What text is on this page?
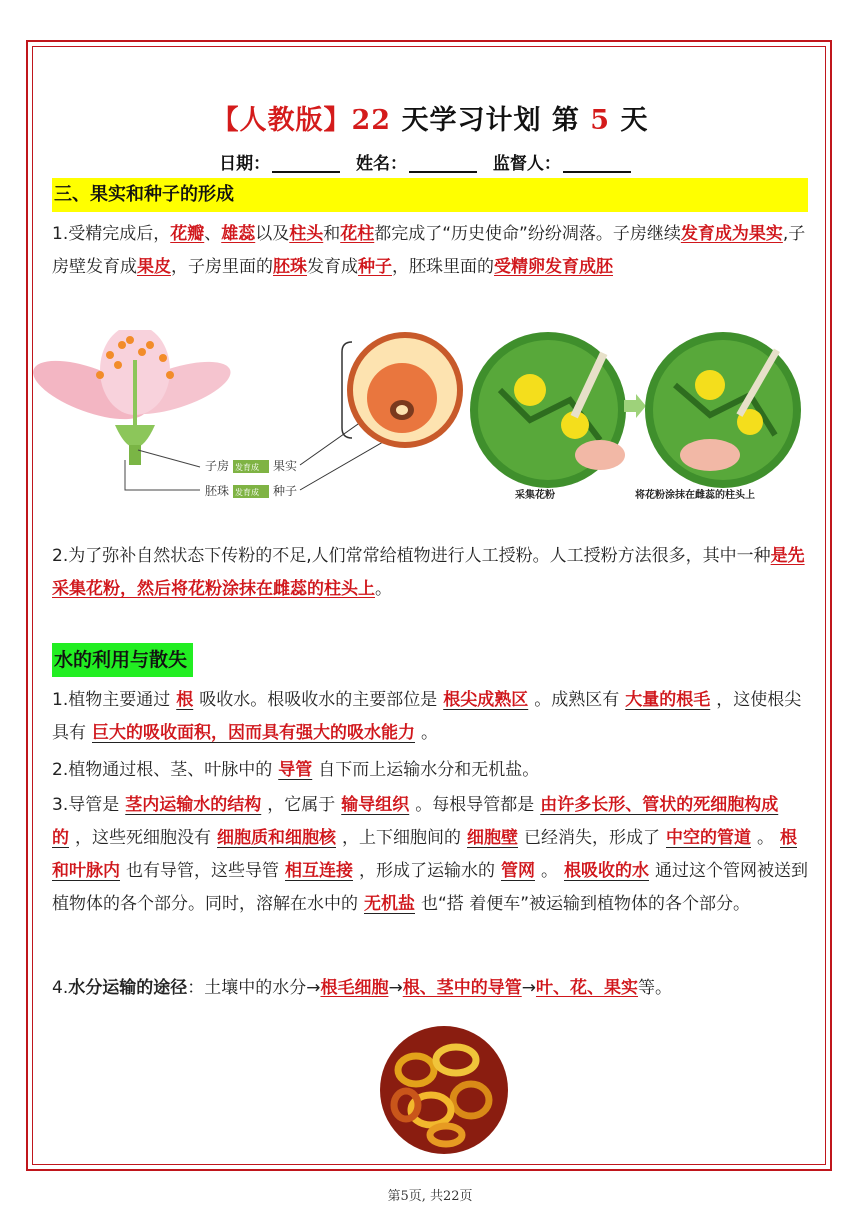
【人教版】22 天学习计划 第 5 天
日期：	姓名：	监督人：
三、果实和种子的形成
1.受精完成后，花瓣、雄蕊以及柱头和花柱都完成了“历史使命”纷纷凋落。子房继续发育成为果实,子房壁发育成果皮，子房里面的胚珠发育成种子，胚珠里面的受精卵发育成胚
子房 发育成 果实
胚珠 发育成 种子	采集花粉	将花粉涂抹在雌蕊的柱头上
2.为了弥补自然状态下传粉的不足,人们常常给植物进行人工授粉。人工授粉方法很多，其中一种是先采集花粉，然后将花粉涂抹在雌蕊的柱头上。
水的利用与散失
1.植物主要通过 根 吸收水。根吸收水的主要部位是 根尖成熟区 。成熟区有 大量的根毛 ，这使根尖具有 巨大的吸收面积，因而具有强大的吸水能力 。
2.植物通过根、茎、叶脉中的 导管 自下而上运输水分和无机盐。
3.导管是 茎内运输水的结构 ，它属于 输导组织 。每根导管都是 由许多长形、管状的死细胞构成的 ，这些死细胞没有 细胞质和细胞核 ，上下细胞间的 细胞壁 已经消失，形成了 中空的管道 。 根和叶脉内 也有导管，这些导管 相互连接 ，形成了运输水的 管网 。 根吸收的水 通过这个管网被送到植物体的各个部分。同时，溶解在水中的 无机盐 也“搭 着便车”被运输到植物体的各个部分。
4.水分运输的途径：土壤中的水分→根毛细胞→根、茎中的导管→叶、花、果实等。
第5页, 共22页
